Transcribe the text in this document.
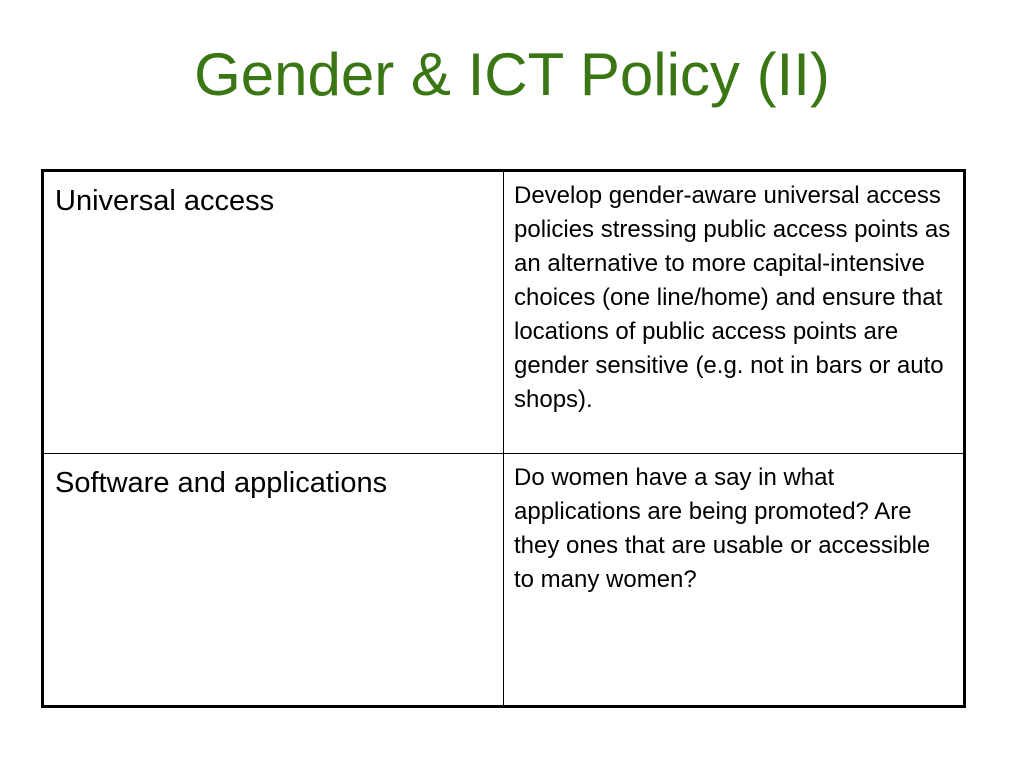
Gender & ICT Policy (II)
Universal access	Develop gender-aware universal access policies stressing public access points as an alternative to more capital-intensive choices (one line/home) and ensure that locations of public access points are gender sensitive (e.g. not in bars or auto shops).
Software and applications	Do women have a say in what applications are being promoted? Are they ones that are usable or accessible to many women?
